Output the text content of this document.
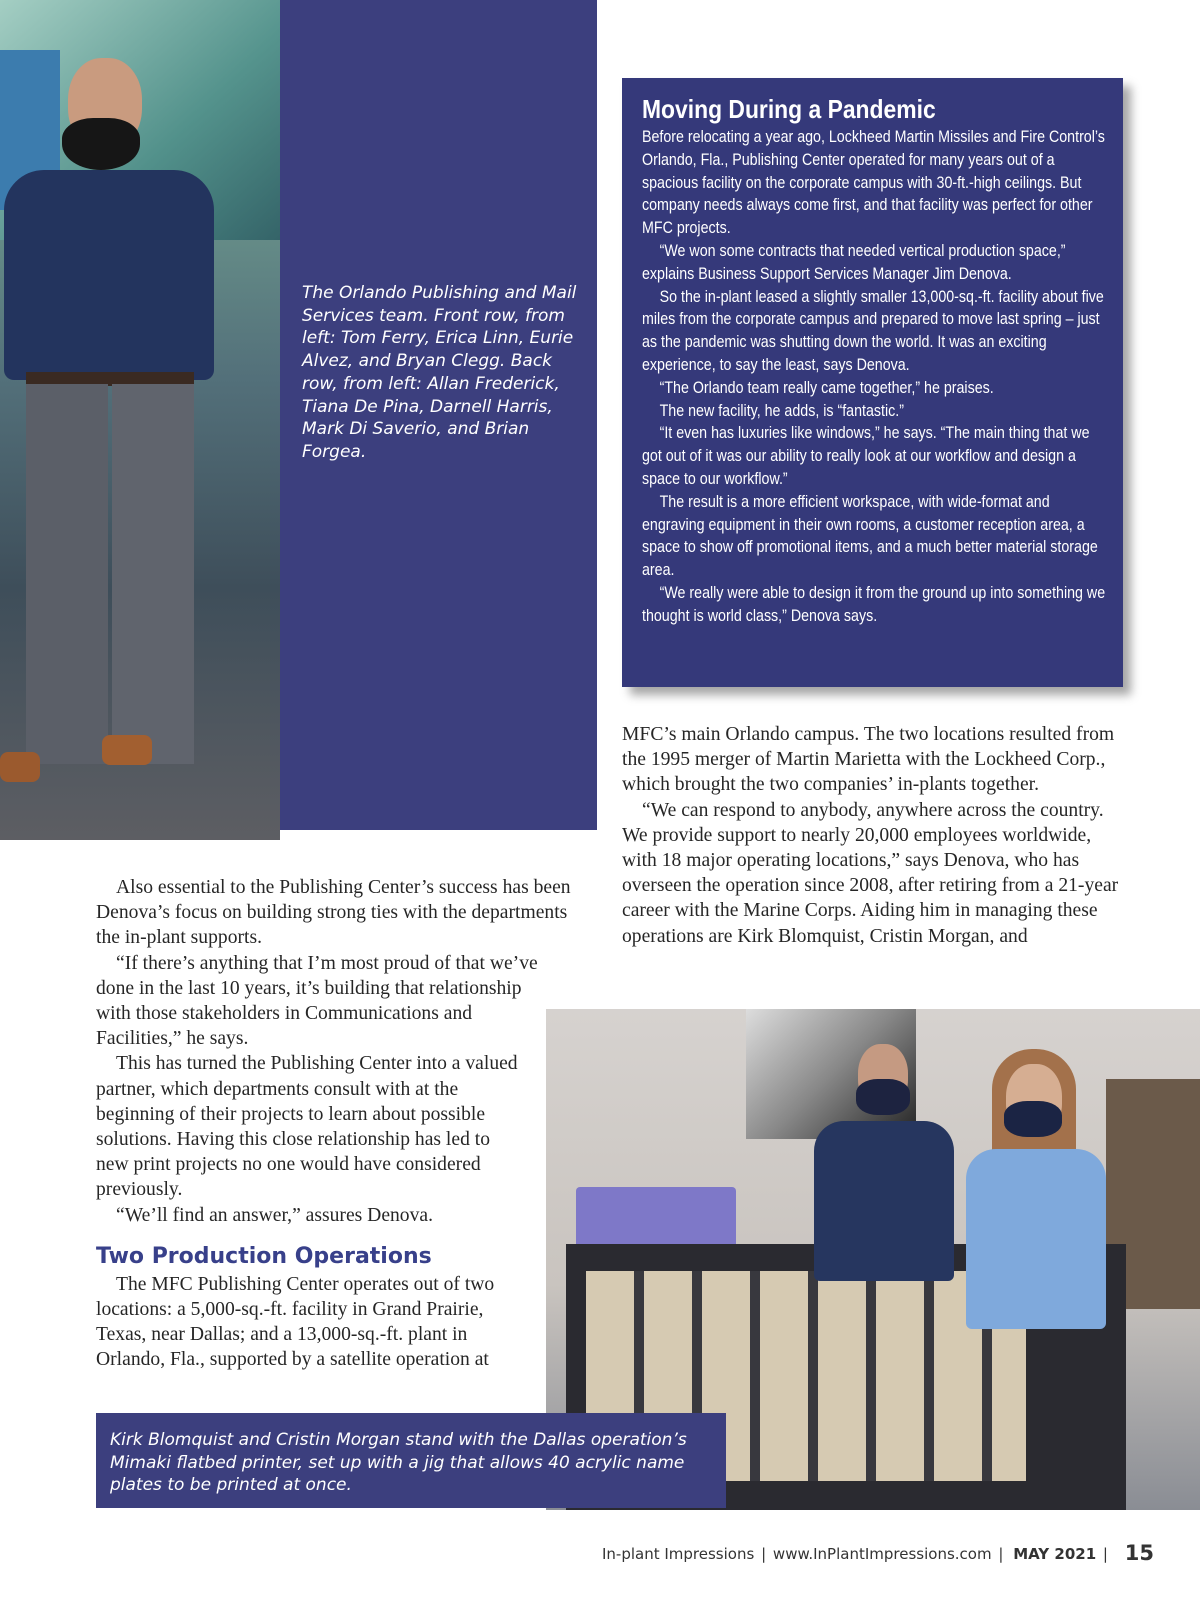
The Orlando Publishing and Mail Services team. Front row, from left: Tom Ferry, Erica Linn, Eurie Alvez, and Bryan Clegg. Back row, from left: Allan Frederick, Tiana De Pina, Darnell Harris, Mark Di Saverio, and Brian Forgea.

Moving During a Pandemic

Before relocating a year ago, Lockheed Martin Missiles and Fire Control’s Orlando, Fla., Publishing Center operated for many years out of a spacious facility on the corporate campus with 30-ft.-high ceilings. But company needs always come first, and that facility was perfect for other MFC projects.

“We won some contracts that needed vertical production space,” explains Business Support Services Manager Jim Denova.

So the in-plant leased a slightly smaller 13,000-sq.-ft. facility about five miles from the corporate campus and prepared to move last spring – just as the pandemic was shutting down the world. It was an exciting experience, to say the least, says Denova.

“The Orlando team really came together,” he praises.

The new facility, he adds, is “fantastic.”

“It even has luxuries like windows,” he says. “The main thing that we got out of it was our ability to really look at our workflow and design a space to our workflow.”

The result is a more efficient workspace, with wide-format and engraving equipment in their own rooms, a customer reception area, a space to show off promotional items, and a much better material storage area.

“We really were able to design it from the ground up into something we thought is world class,” Denova says.

MFC’s main Orlando campus. The two locations resulted from the 1995 merger of Martin Marietta with the Lockheed Corp., which brought the two companies’ in-plants together.

“We can respond to anybody, anywhere across the country. We provide support to nearly 20,000 employees worldwide, with 18 major operating locations,” says Denova, who has overseen the operation since 2008, after retiring from a 21-year career with the Marine Corps. Aiding him in managing these operations are Kirk Blomquist, Cristin Morgan, and

Also essential to the Publishing Center’s success has been Denova’s focus on building strong ties with the departments the in-plant supports.

“If there’s anything that I’m most proud of that we’ve

done in the last 10 years, it’s building that relationship with those stakeholders in Communications and Facilities,” he says.

This has turned the Publishing Center into a valued partner, which departments consult with at the beginning of their projects to learn about possible solutions. Having this close relationship has led to new print projects no one would have considered previously.

“We’ll find an answer,” assures Denova.

Two Production Operations

The MFC Publishing Center operates out of two locations: a 5,000-sq.-ft. facility in Grand Prairie, Texas, near Dallas; and a 13,000-sq.-ft. plant in Orlando, Fla., supported by a satellite operation at

Kirk Blomquist and Cristin Morgan stand with the Dallas operation’s Mimaki flatbed printer, set up with a jig that allows 40 acrylic name plates to be printed at once.

In-plant Impressions | www.InPlantImpressions.com | MAY 2021 | 15
